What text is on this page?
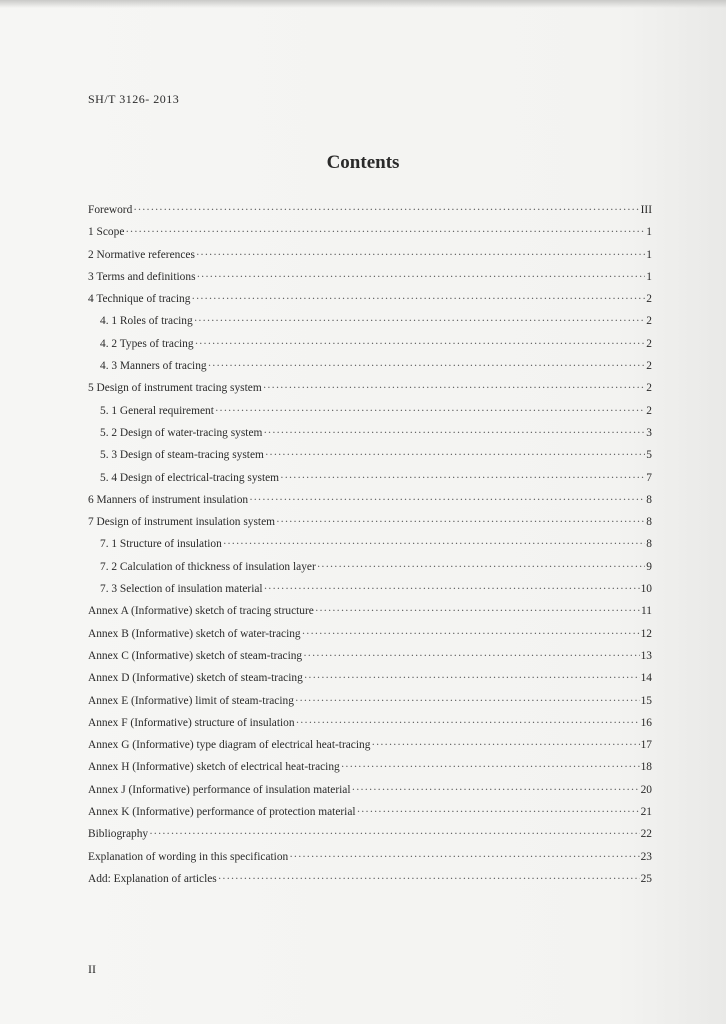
SH/T 3126- 2013
Contents
Foreword ·····	III
1 Scope ·····	1
2 Normative references ·····	1
3 Terms and definitions ·····	1
4 Technique of tracing ·····	2
4. 1 Roles of tracing ·····	2
4. 2 Types of tracing ·····	2
4. 3 Manners of tracing ·····	2
5 Design of instrument tracing system ·····	2
5. 1 General requirement ·····	2
5. 2 Design of water-tracing system ·····	3
5. 3 Design of steam-tracing system ·····	5
5. 4 Design of electrical-tracing system ·····	7
6 Manners of instrument insulation ·····	8
7 Design of instrument insulation system ·····	8
7. 1 Structure of insulation ·····	8
7. 2 Calculation of thickness of insulation layer ·····	9
7. 3 Selection of insulation material ·····	10
Annex A (Informative) sketch of tracing structure ·····	11
Annex B (Informative) sketch of water-tracing ·····	12
Annex C (Informative) sketch of steam-tracing ·····	13
Annex D (Informative) sketch of steam-tracing ·····	14
Annex E (Informative) limit of steam-tracing ·····	15
Annex F (Informative) structure of insulation ·····	16
Annex G (Informative) type diagram of electrical heat-tracing ·····	17
Annex H (Informative) sketch of electrical heat-tracing ·····	18
Annex J (Informative) performance of insulation material ·····	20
Annex K (Informative) performance of protection material ·····	21
Bibliography ·····	22
Explanation of wording in this specification ·····	23
Add: Explanation of articles ·····	25
II
